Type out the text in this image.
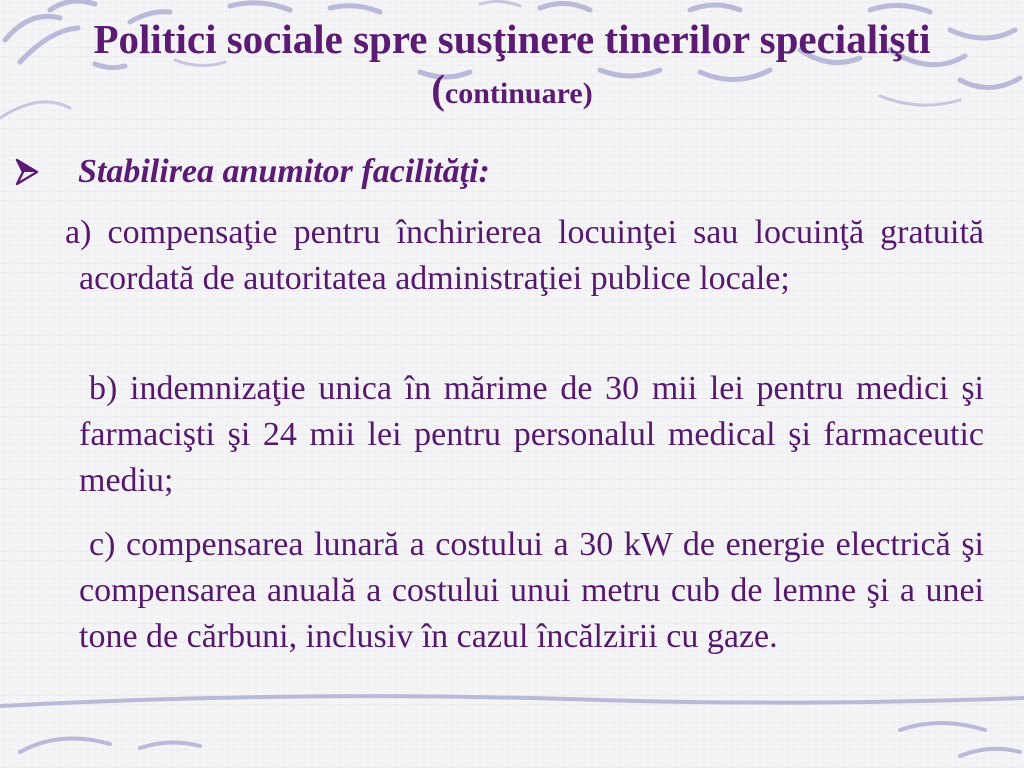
Politici sociale spre susţinere tinerilor specialişti (continuare)
Stabilirea anumitor facilităţi:

a) compensaţie pentru închirierea locuinţei sau locuinţă gratuită acordată de autoritatea administraţiei publice locale;

b) indemnizaţie unica în mărime de 30 mii lei pentru medici şi farmacişti şi 24 mii lei pentru personalul medical şi farmaceutic mediu;

c) compensarea lunară a costului a 30 kW de energie electrică şi compensarea anuală a costului unui metru cub de lemne şi a unei tone de cărbuni, inclusiv în cazul încălzirii cu gaze.
